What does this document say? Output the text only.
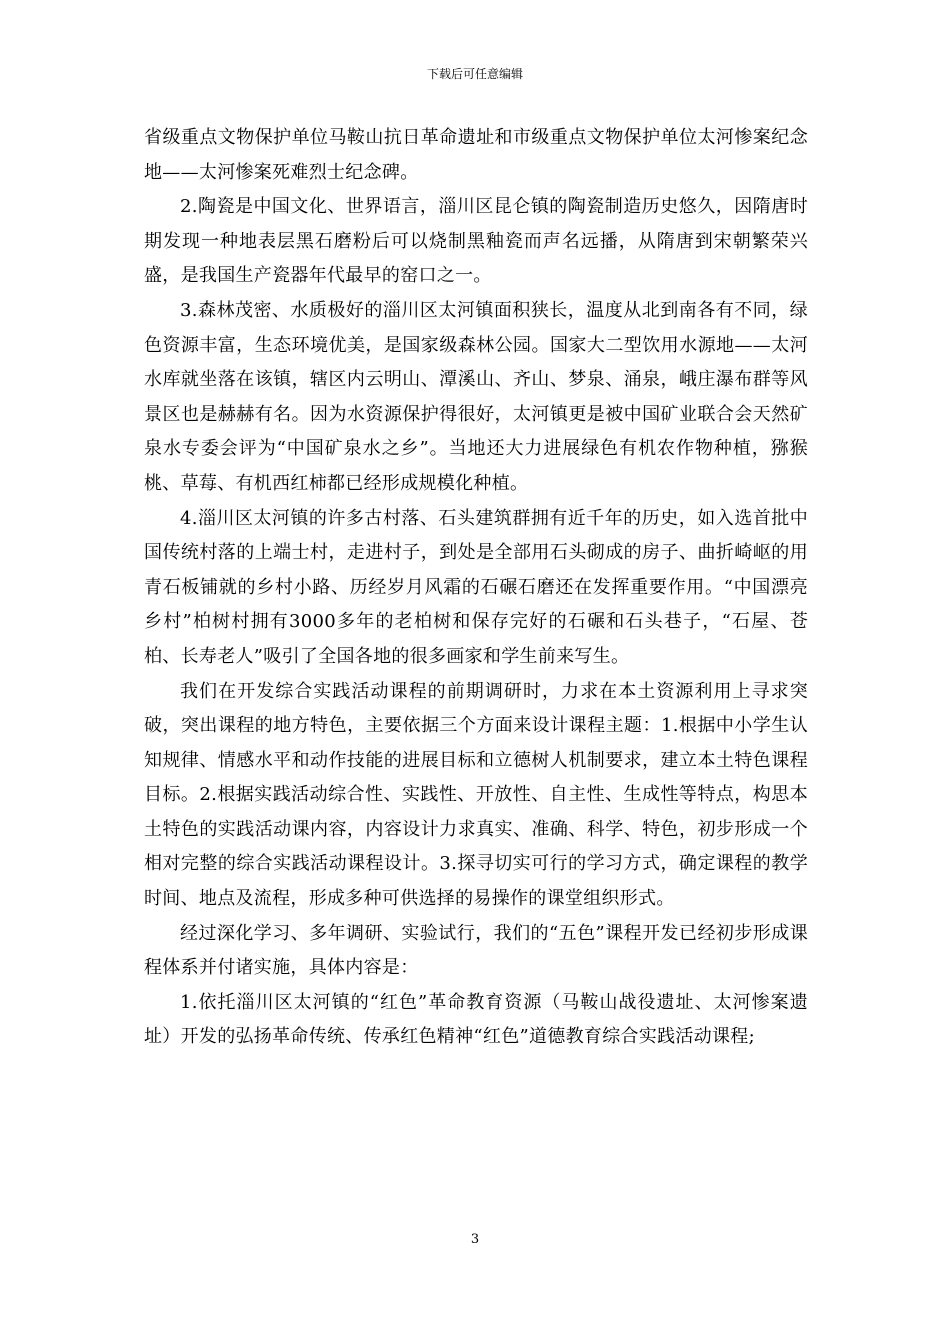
下载后可任意编辑

省级重点文物保护单位马鞍山抗日革命遗址和市级重点文物保护单位太河惨案纪念地——太河惨案死难烈士纪念碑。

2.陶瓷是中国文化、世界语言，淄川区昆仑镇的陶瓷制造历史悠久，因隋唐时期发现一种地表层黑石磨粉后可以烧制黑釉瓷而声名远播，从隋唐到宋朝繁荣兴盛，是我国生产瓷器年代最早的窑口之一。

3.森林茂密、水质极好的淄川区太河镇面积狭长，温度从北到南各有不同，绿色资源丰富，生态环境优美，是国家级森林公园。国家大二型饮用水源地——太河水库就坐落在该镇，辖区内云明山、潭溪山、齐山、梦泉、涌泉，峨庄瀑布群等风景区也是赫赫有名。因为水资源保护得很好，太河镇更是被中国矿业联合会天然矿泉水专委会评为“中国矿泉水之乡”。当地还大力进展绿色有机农作物种植，猕猴桃、草莓、有机西红柿都已经形成规模化种植。

4.淄川区太河镇的许多古村落、石头建筑群拥有近千年的历史，如入选首批中国传统村落的上端士村，走进村子，到处是全部用石头砌成的房子、曲折崎岖的用青石板铺就的乡村小路、历经岁月风霜的石碾石磨还在发挥重要作用。“中国漂亮乡村”柏树村拥有3000多年的老柏树和保存完好的石碾和石头巷子，“石屋、苍柏、长寿老人”吸引了全国各地的很多画家和学生前来写生。

我们在开发综合实践活动课程的前期调研时，力求在本土资源利用上寻求突破，突出课程的地方特色，主要依据三个方面来设计课程主题：1.根据中小学生认知规律、情感水平和动作技能的进展目标和立德树人机制要求，建立本土特色课程目标。2.根据实践活动综合性、实践性、开放性、自主性、生成性等特点，构思本土特色的实践活动课内容，内容设计力求真实、准确、科学、特色，初步形成一个相对完整的综合实践活动课程设计。3.探寻切实可行的学习方式，确定课程的教学时间、地点及流程，形成多种可供选择的易操作的课堂组织形式。

经过深化学习、多年调研、实验试行，我们的“五色”课程开发已经初步形成课程体系并付诸实施，具体内容是：

1.依托淄川区太河镇的“红色”革命教育资源（马鞍山战役遗址、太河惨案遗址）开发的弘扬革命传统、传承红色精神“红色”道德教育综合实践活动课程;

3
